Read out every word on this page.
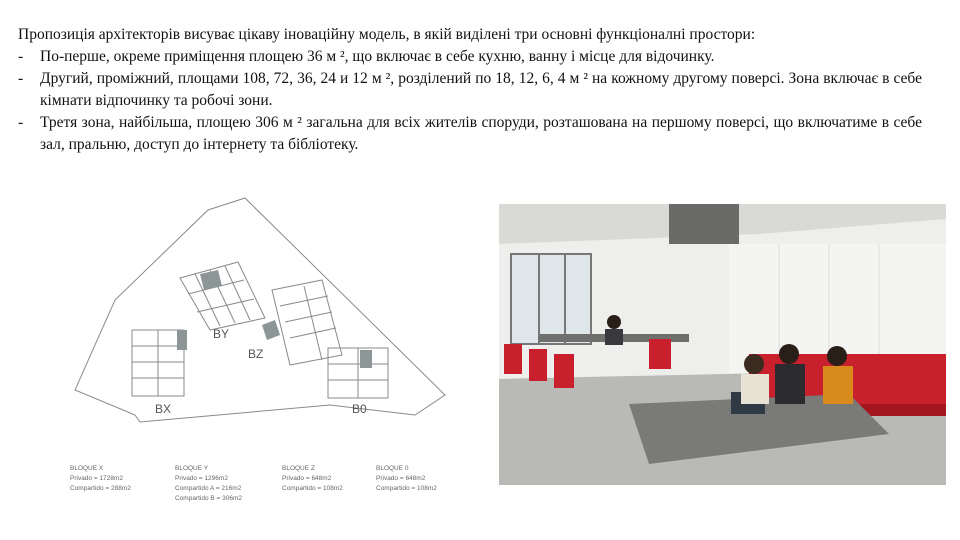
Пропозиція архітекторів висуває цікаву іноваційну модель, в якій виділені три основні функціоналні простори:

-	По-перше, окреме приміщення площею 36 м ², що включає в себе кухню, ванну і місце для відочинку.
-	Другий, проміжний, площами 108, 72, 36, 24 и 12 м ², розділений по 18, 12, 6, 4 м ² на кожному другому поверсі. Зона включає в себе кімнати відпочинку та робочі зони.
-	Третя зона, найбільша, площею 306 м ² загальна для всіх жителів споруди, розташована на першому поверсі, що включатиме в себе зал, пральню, доступ до інтернету та бібліотеку.
BY
BZ
BX	B0
BLOQUE X
Privado = 1728m2
Compartido = 288m2
BLOQUE Y
Privado = 1296m2
Compartido A = 216m2
Compartido B = 306m2
BLOQUE Z
Privado = 648m2
Compartido = 108m2
BLOQUE 0
Privado = 648m2
Compartido = 108m2
